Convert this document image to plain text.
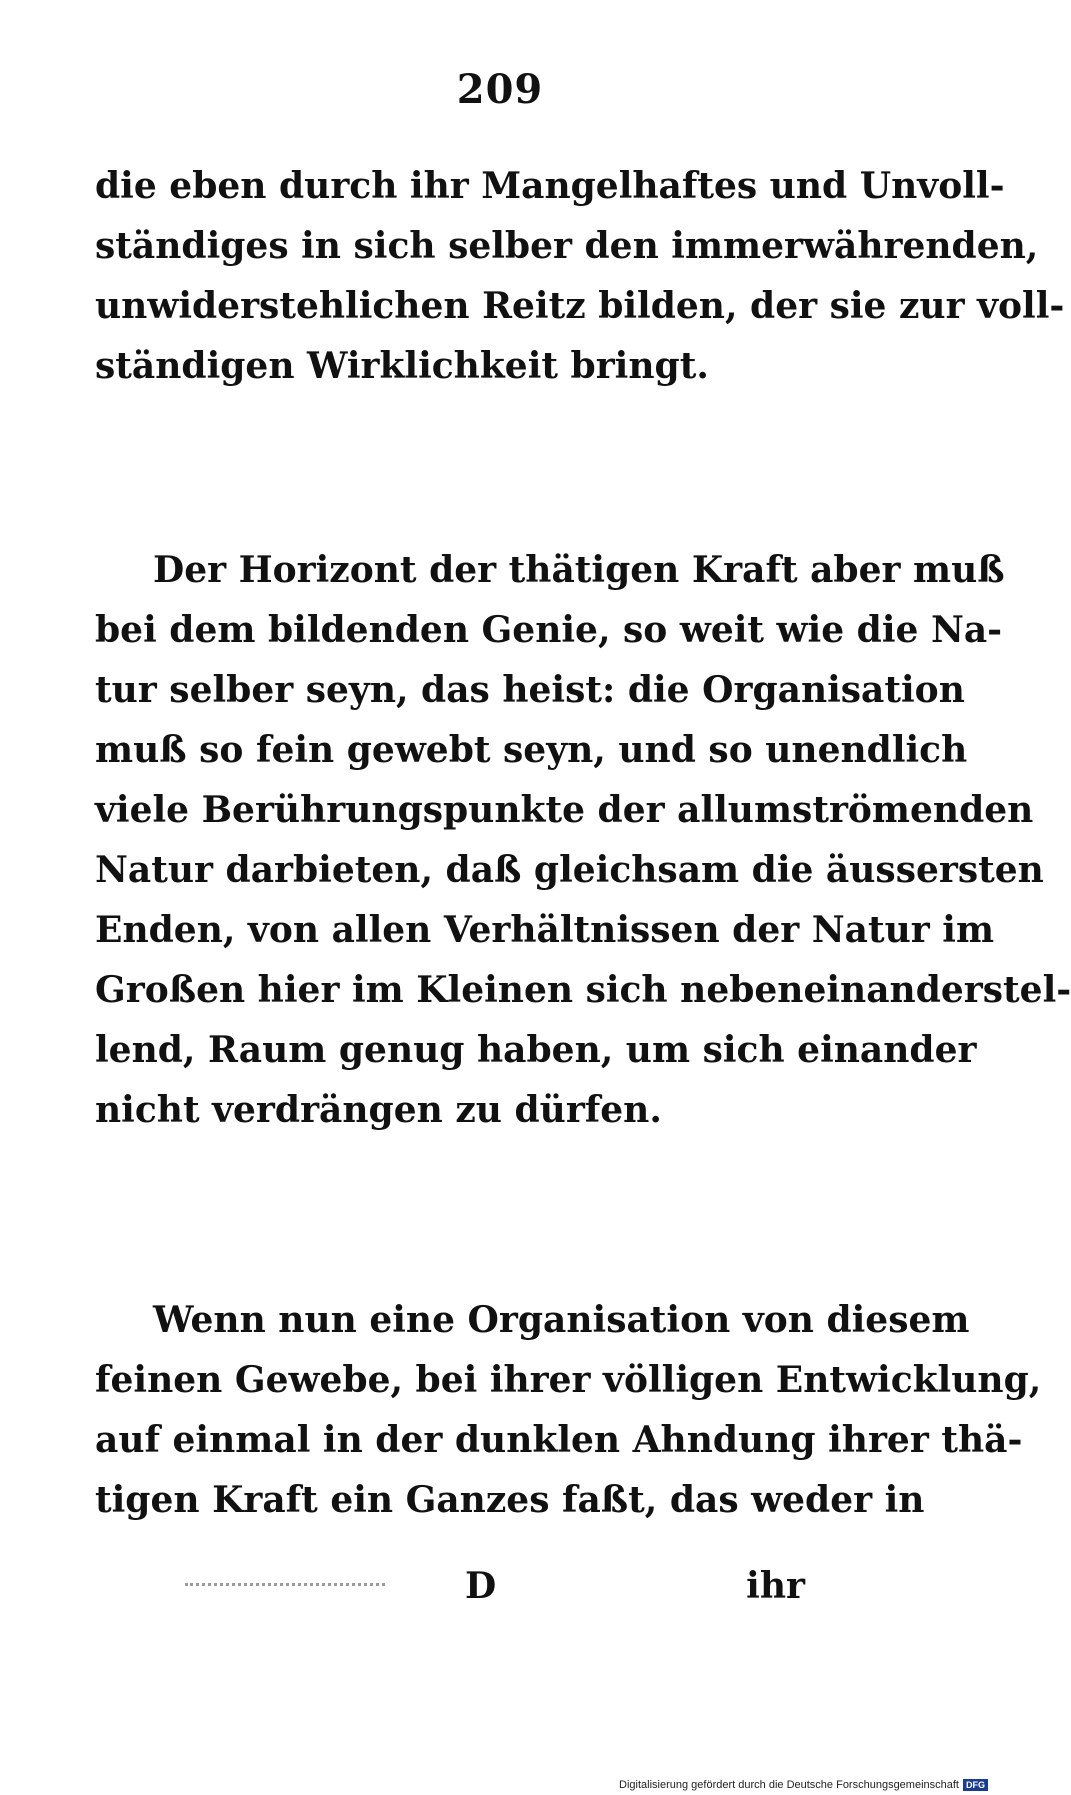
209
die eben durch ihr Mangelhaftes und Unvoll-
ständiges in sich selber den immerwährenden,
unwiderstehlichen Reitz bilden, der sie zur voll-
ständigen Wirklichkeit bringt.
Der Horizont der thätigen Kraft aber muß
bei dem bildenden Genie, so weit wie die Na-
tur selber seyn, das heist: die Organisation
muß so fein gewebt seyn, und so unendlich
viele Berührungspunkte der allumströmenden
Natur darbieten, daß gleichsam die äussersten
Enden, von allen Verhältnissen der Natur im
Großen hier im Kleinen sich nebeneinanderstel-
lend, Raum genug haben, um sich einander
nicht verdrängen zu dürfen.
Wenn nun eine Organisation von diesem
feinen Gewebe, bei ihrer völligen Entwicklung,
auf einmal in der dunklen Ahndung ihrer thä-
tigen Kraft ein Ganzes faßt, das weder in
D	ihr
Digitalisierung gefördert durch die Deutsche Forschungsgemeinschaft DFG
